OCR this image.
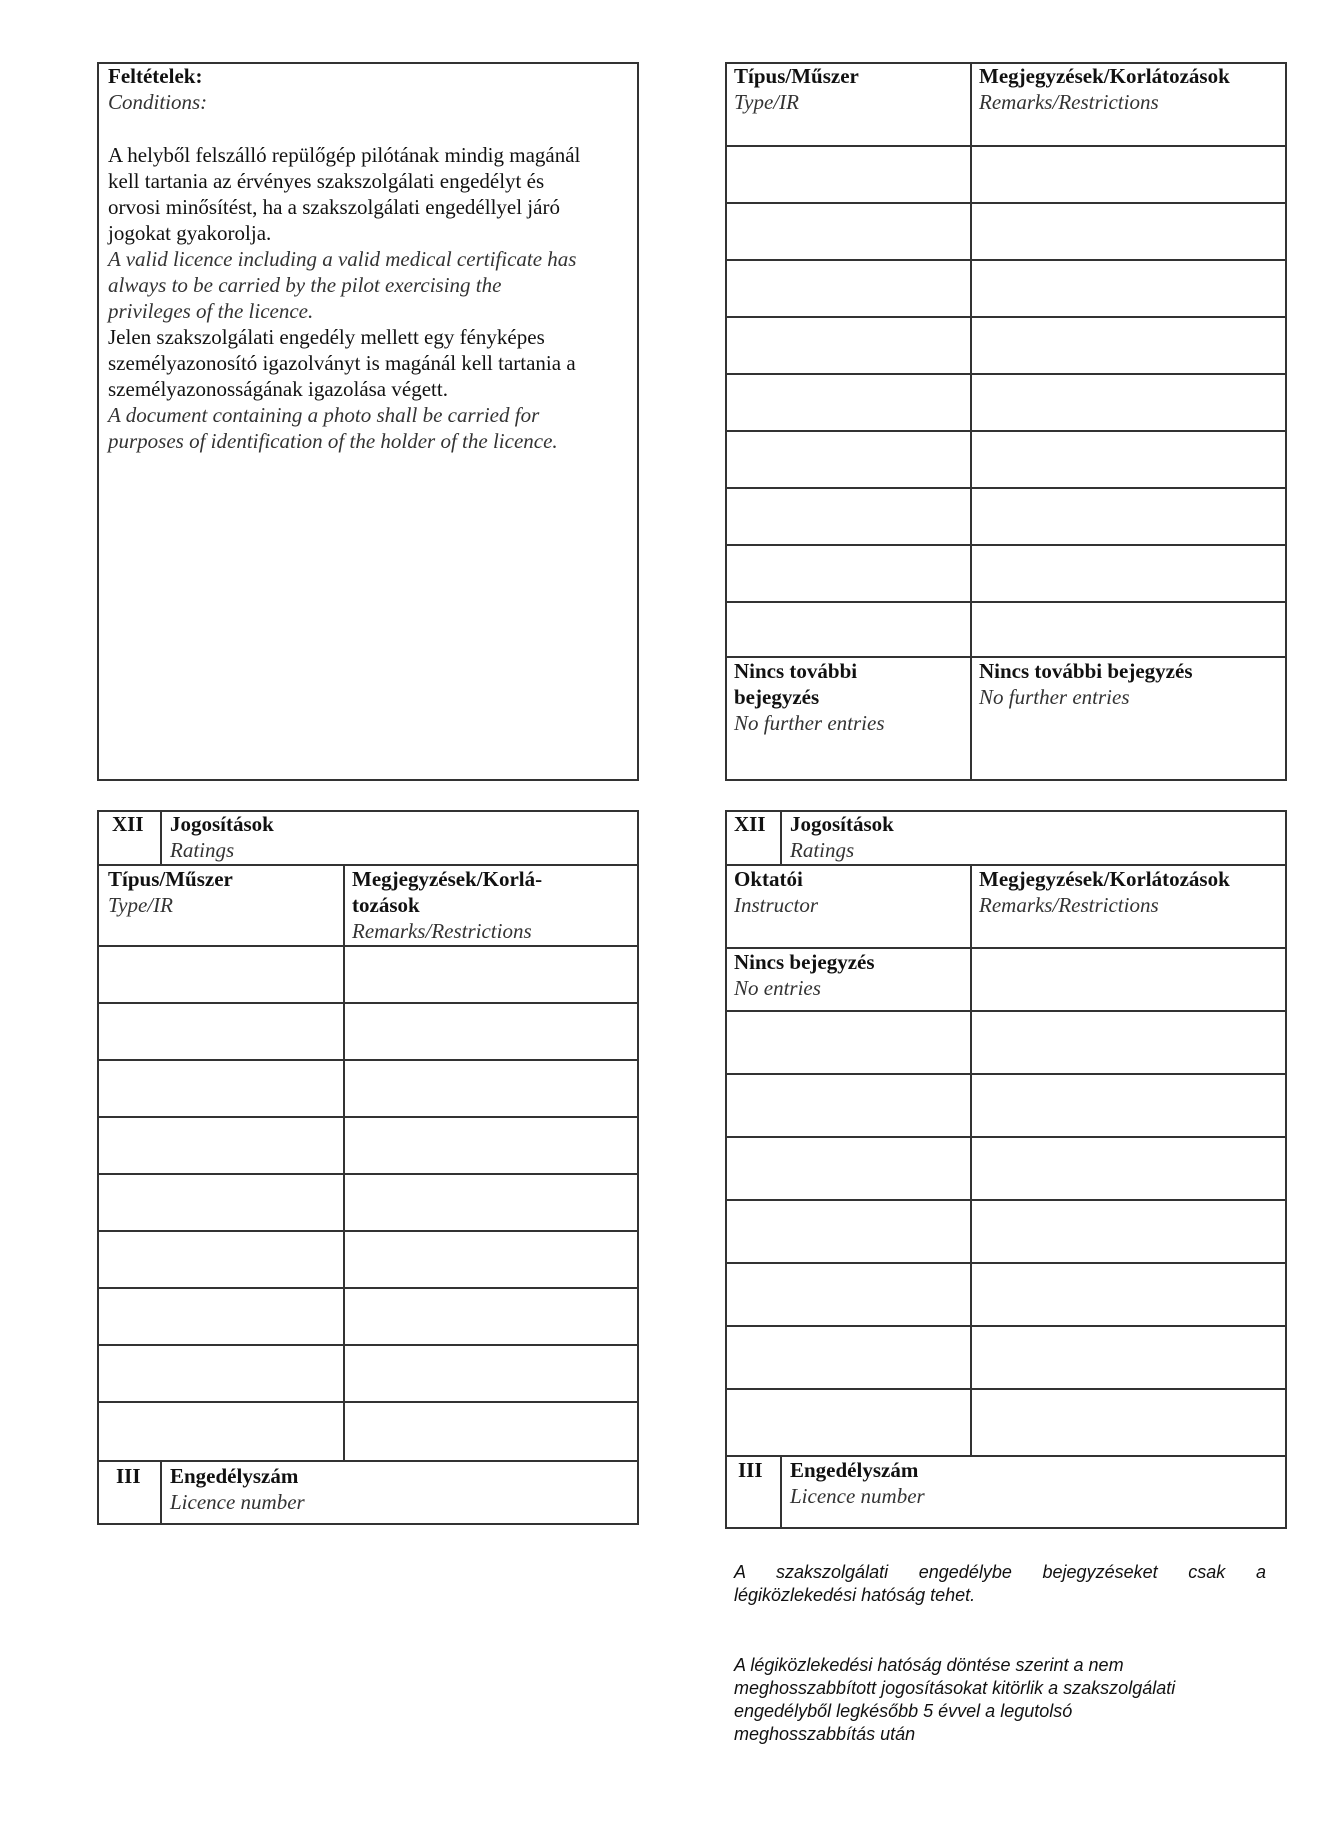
Feltételek:
Conditions:
A helyből felszálló repülőgép pilótának mindig magánál
kell tartania az érvényes szakszolgálati engedélyt és
orvosi minősítést, ha a szakszolgálati engedéllyel járó
jogokat gyakorolja.
A valid licence including a valid medical certificate has
always to be carried by the pilot exercising the
privileges of the licence.
Jelen szakszolgálati engedély mellett egy fényképes
személyazonosító igazolványt is magánál kell tartania a
személyazonosságának igazolása végett.
A document containing a photo shall be carried for
purposes of identification of the holder of the licence.
Típus/Műszer
Type/IR
Megjegyzések/Korlátozások
Remarks/Restrictions
Nincs további
bejegyzés
No further entries
Nincs további bejegyzés
No further entries
XII Jogosítások
Ratings
Típus/Műszer
Type/IR
Megjegyzések/Korlá-
tozások
Remarks/Restrictions
III Engedélyszám
Licence number
XII Jogosítások
Ratings
Oktatói
Instructor
Megjegyzések/Korlátozások
Remarks/Restrictions
Nincs bejegyzés
No entries
III Engedélyszám
Licence number
A szakszolgálati engedélybe bejegyzéseket csak a
légiközlekedési hatóság tehet.
A légiközlekedési hatóság döntése szerint a nem
meghosszabbított jogosításokat kitörlik a szakszolgálati
engedélyből legkésőbb 5 évvel a legutolsó
meghosszabbítás után
